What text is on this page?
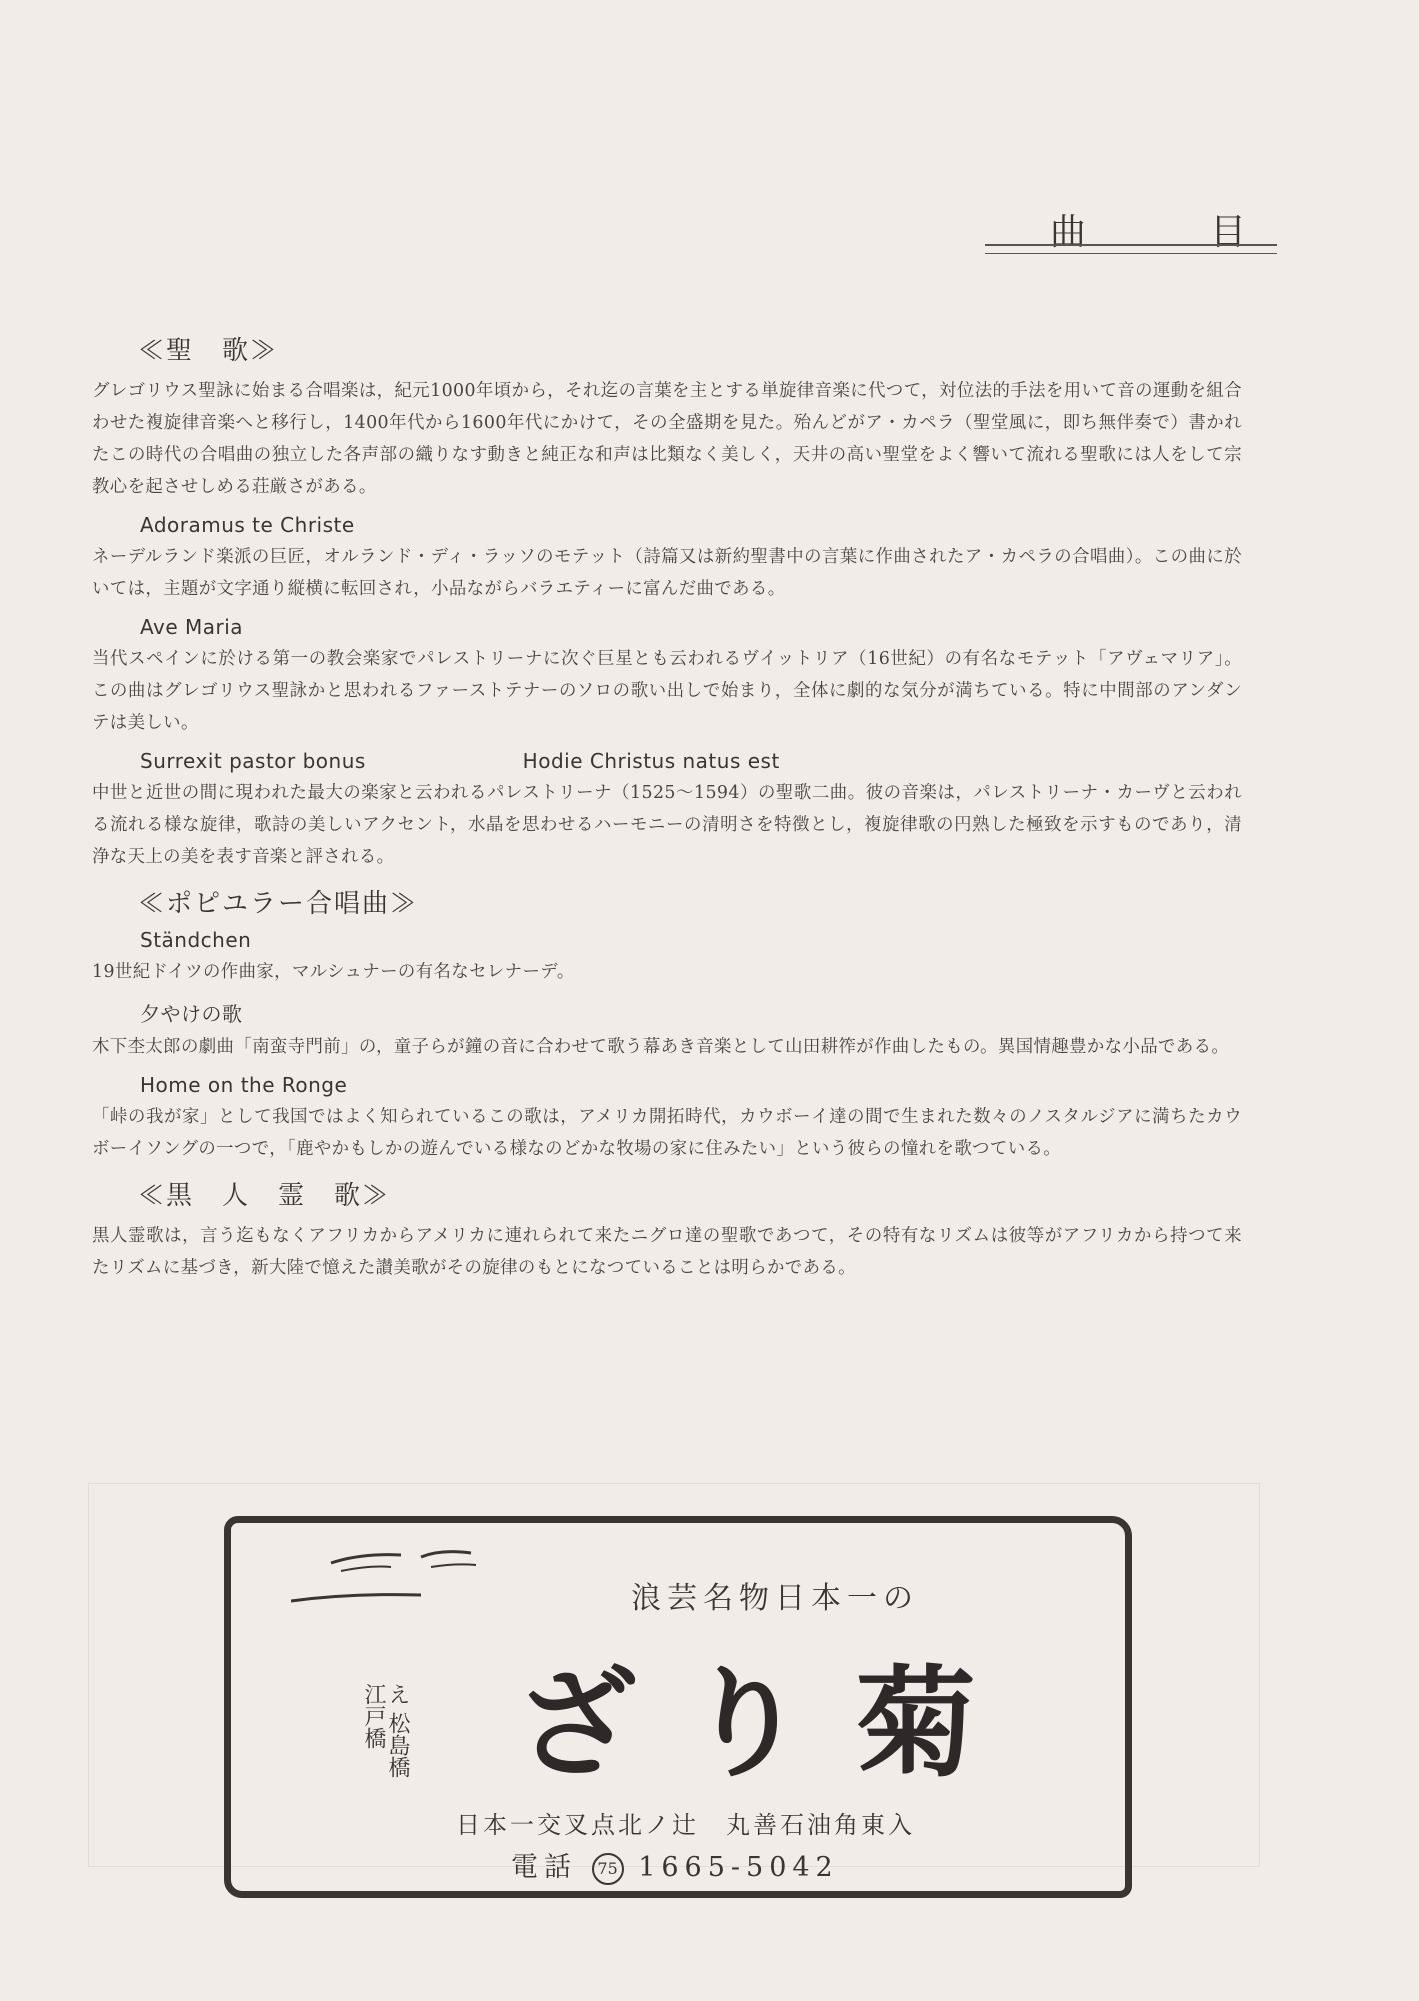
曲	目
≪聖　歌≫

グレゴリウス聖詠に始まる合唱楽は，紀元1000年頃から，それ迄の言葉を主とする単旋律音楽に代つて，対位法的手法を用いて音の運動を組合わせた複旋律音楽へと移行し，1400年代から1600年代にかけて，その全盛期を見た。殆んどがア・カペラ（聖堂風に，即ち無伴奏で）書かれたこの時代の合唱曲の独立した各声部の織りなす動きと純正な和声は比類なく美しく，天井の高い聖堂をよく響いて流れる聖歌には人をして宗教心を起させしめる荘厳さがある。

Adoramus te Christe

ネーデルランド楽派の巨匠，オルランド・ディ・ラッソのモテット（詩篇又は新約聖書中の言葉に作曲されたア・カペラの合唱曲）。この曲に於いては，主題が文字通り縦横に転回され，小品ながらバラエティーに富んだ曲である。

Ave Maria

当代スペインに於ける第一の教会楽家でパレストリーナに次ぐ巨星とも云われるヴイットリア（16世紀）の有名なモテット「アヴェマリア」。この曲はグレゴリウス聖詠かと思われるファーストテナーのソロの歌い出しで始まり，全体に劇的な気分が満ちている。特に中間部のアンダンテは美しい。

Surrexit pastor bonus	Hodie Christus natus est

中世と近世の間に現われた最大の楽家と云われるパレストリーナ（1525～1594）の聖歌二曲。彼の音楽は，パレストリーナ・カーヴと云われる流れる様な旋律，歌詩の美しいアクセント，水晶を思わせるハーモニーの清明さを特徴とし，複旋律歌の円熟した極致を示すものであり，清浄な天上の美を表す音楽と評される。

≪ポピユラー合唱曲≫
Ständchen

19世紀ドイツの作曲家，マルシュナーの有名なセレナーデ。

夕やけの歌

木下杢太郎の劇曲「南蛮寺門前」の，童子らが鐘の音に合わせて歌う幕あき音楽として山田耕筰が作曲したもの。異国情趣豊かな小品である。

Home on the Ronge

「峠の我が家」として我国ではよく知られているこの歌は，アメリカ開拓時代，カウボーイ達の間で生まれた数々のノスタルジアに満ちたカウボーイソングの一つで，「鹿やかもしかの遊んでいる様なのどかな牧場の家に住みたい」という彼らの憧れを歌つている。

≪黒　人　霊　歌≫

黒人霊歌は，言う迄もなくアフリカからアメリカに連れられて来たニグロ達の聖歌であつて，その特有なリズムは彼等がアフリカから持つて来たリズムに基づき，新大陸で憶えた讃美歌がその旋律のもとになつていることは明らかである。

浪芸名物日本一の
え 松島橋
江戸橋 ざり菊
日本一交叉点北ノ辻　丸善石油角東入
電話 75 1665-5042
